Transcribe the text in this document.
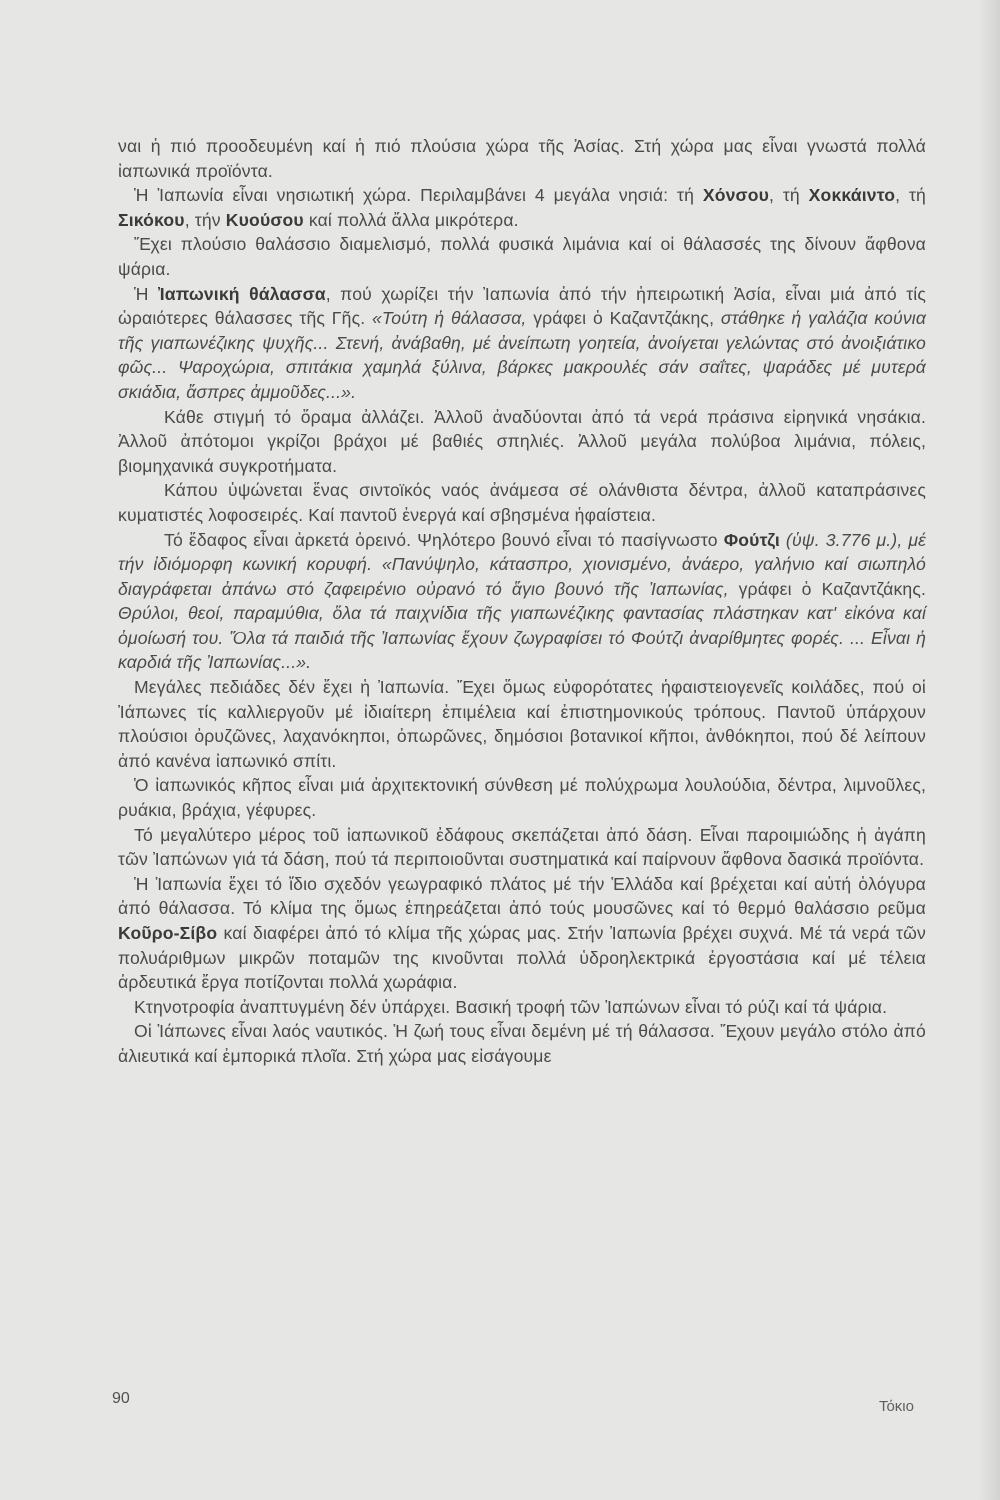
ναι ἡ πιό προοδευμένη καί ἡ πιό πλούσια χώρα τῆς Ἀσίας. Στή χώρα μας εἶναι γνωστά πολλά ἰαπωνικά προϊόντα.

Ἡ Ἰαπωνία εἶναι νησιωτική χώρα. Περιλαμβάνει 4 μεγάλα νησιά: τή Χόνσου, τή Χοκκάιντο, τή Σικόκου, τήν Κυούσου καί πολλά ἄλλα μικρότερα.

Ἔχει πλούσιο θαλάσσιο διαμελισμό, πολλά φυσικά λιμάνια καί οἱ θάλασσές της δίνουν ἄφθονα ψάρια.

Ἡ Ἰαπωνική θάλασσα, πού χωρίζει τήν Ἰαπωνία ἀπό τήν ἠπειρωτική Ἀσία, εἶναι μιά ἀπό τίς ὡραιότερες θάλασσες τῆς Γῆς. «Τούτη ἡ θάλασσα, γράφει ὁ Καζαντζάκης, στάθηκε ἡ γαλάζια κούνια τῆς γιαπωνέζικης ψυχῆς... Στενή, ἀνάβαθη, μέ ἀνείπωτη γοητεία, ἀνοίγεται γελώντας στό ἀνοιξιάτικο φῶς... Ψαροχώρια, σπιτάκια χαμηλά ξύλινα, βάρκες μακρουλές σάν σαΐτες, ψαράδες μέ μυτερά σκιάδια, ἄσπρες ἀμμοῦδες...».

Κάθε στιγμή τό ὅραμα ἀλλάζει. Ἀλλοῦ ἀναδύονται ἀπό τά νερά πράσινα εἰρηνικά νησάκια. Ἀλλοῦ ἀπότομοι γκρίζοι βράχοι μέ βαθιές σπηλιές. Ἀλλοῦ μεγάλα πολύβοα λιμάνια, πόλεις, βιομηχανικά συγκροτήματα.

Κάπου ὑψώνεται ἕνας σιντοϊκός ναός ἀνάμεσα σέ ολάνθιστα δέντρα, ἀλλοῦ καταπράσινες κυματιστές λοφοσειρές. Καί παντοῦ ἐνεργά καί σβησμένα ἡφαίστεια.

Τό ἔδαφος εἶναι ἀρκετά ὀρεινό. Ψηλότερο βουνό εἶναι τό πασίγνωστο Φούτζι (ὑψ. 3.776 μ.), μέ τήν ἰδιόμορφη κωνική κορυφή. «Πανύψηλο, κάτασπρο, χιονισμένο, ἀνάερο, γαλήνιο καί σιωπηλό διαγράφεται ἀπάνω στό ζαφειρένιο οὐρανό τό ἅγιο βουνό τῆς Ἰαπωνίας, γράφει ὁ Καζαντζάκης. Θρύλοι, θεοί, παραμύθια, ὅλα τά παιχνίδια τῆς γιαπωνέζικης φαντασίας πλάστηκαν κατ' εἰκόνα καί ὁμοίωσή του. Ὅλα τά παιδιά τῆς Ἰαπωνίας ἔχουν ζωγραφίσει τό Φούτζι ἀναρίθμητες φορές. ... Εἶναι ἡ καρδιά τῆς Ἰαπωνίας...».

Μεγάλες πεδιάδες δέν ἔχει ἡ Ἰαπωνία. Ἔχει ὅμως εὐφορότατες ἡφαιστειογενεῖς κοιλάδες, πού οἱ Ἰάπωνες τίς καλλιεργοῦν μέ ἰδιαίτερη ἐπιμέλεια καί ἐπιστημονικούς τρόπους. Παντοῦ ὑπάρχουν πλούσιοι ὀρυζῶνες, λαχανόκηποι, ὀπωρῶνες, δημόσιοι βοτανικοί κῆποι, ἀνθόκηποι, πού δέ λείπουν ἀπό κανένα ἰαπωνικό σπίτι.

Ὁ ἰαπωνικός κῆπος εἶναι μιά ἀρχιτεκτονική σύνθεση μέ πολύχρωμα λουλούδια, δέντρα, λιμνοῦλες, ρυάκια, βράχια, γέφυρες.

Τό μεγαλύτερο μέρος τοῦ ἰαπωνικοῦ ἐδάφους σκεπάζεται ἀπό δάση. Εἶναι παροιμιώδης ἡ ἀγάπη τῶν Ἰαπώνων γιά τά δάση, πού τά περιποιοῦνται συστηματικά καί παίρνουν ἄφθονα δασικά προϊόντα.

Ἡ Ἰαπωνία ἔχει τό ἴδιο σχεδόν γεωγραφικό πλάτος μέ τήν Ἑλλάδα καί βρέχεται καί αὐτή ὁλόγυρα ἀπό θάλασσα. Τό κλίμα της ὅμως ἐπηρεάζεται ἀπό τούς μουσῶνες καί τό θερμό θαλάσσιο ρεῦμα Κοῦρο-Σίβο καί διαφέρει ἀπό τό κλίμα τῆς χώρας μας. Στήν Ἰαπωνία βρέχει συχνά. Μέ τά νερά τῶν πολυάριθμων μικρῶν ποταμῶν της κινοῦνται πολλά ὑδροηλεκτρικά ἐργοστάσια καί μέ τέλεια ἀρδευτικά ἔργα ποτίζονται πολλά χωράφια.

Κτηνοτροφία ἀναπτυγμένη δέν ὑπάρχει. Βασική τροφή τῶν Ἰαπώνων εἶναι τό ρύζι καί τά ψάρια.

Οἱ Ἰάπωνες εἶναι λαός ναυτικός. Ἡ ζωή τους εἶναι δεμένη μέ τή θάλασσα. Ἔχουν μεγάλο στόλο ἀπό ἁλιευτικά καί ἐμπορικά πλοῖα. Στή χώρα μας εἰσάγουμε

90	Τόκιο
